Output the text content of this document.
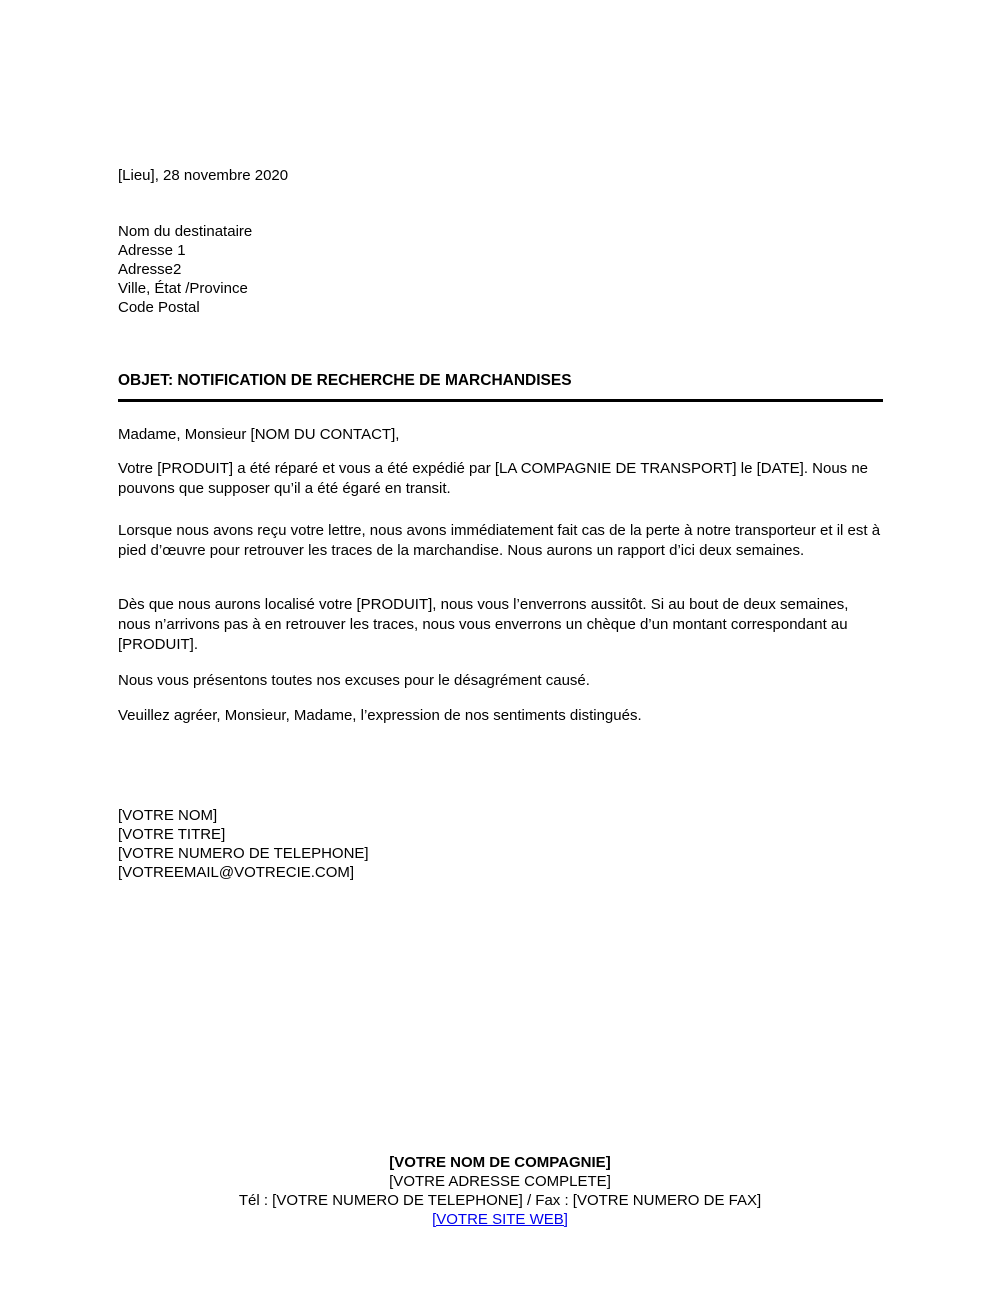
[Lieu], 28 novembre 2020
Nom du destinataire
Adresse 1
Adresse2
Ville, État /Province
Code Postal
OBJET: NOTIFICATION DE RECHERCHE DE MARCHANDISES
Madame, Monsieur [NOM DU CONTACT],
Votre [PRODUIT] a été réparé et vous a été expédié par [LA COMPAGNIE DE TRANSPORT] le [DATE]. Nous ne pouvons que supposer qu’il a été égaré en transit.
Lorsque nous avons reçu votre lettre, nous avons immédiatement fait cas de la perte à notre transporteur et il est à pied d’œuvre pour retrouver les traces de la marchandise. Nous aurons un rapport d’ici deux semaines.
Dès que nous aurons localisé votre [PRODUIT], nous vous l’enverrons aussitôt. Si au bout de deux semaines, nous n’arrivons pas à en retrouver les traces, nous vous enverrons un chèque d’un montant correspondant au [PRODUIT].
Nous vous présentons toutes nos excuses pour le désagrément causé.
Veuillez agréer, Monsieur, Madame, l’expression de nos sentiments distingués.
[VOTRE NOM]
[VOTRE TITRE]
[VOTRE NUMERO DE TELEPHONE]
[VOTREEMAIL@VOTRECIE.COM]
[VOTRE NOM DE COMPAGNIE]
[VOTRE ADRESSE COMPLETE]
Tél : [VOTRE NUMERO DE TELEPHONE] / Fax : [VOTRE NUMERO DE FAX]
[VOTRE SITE WEB]
